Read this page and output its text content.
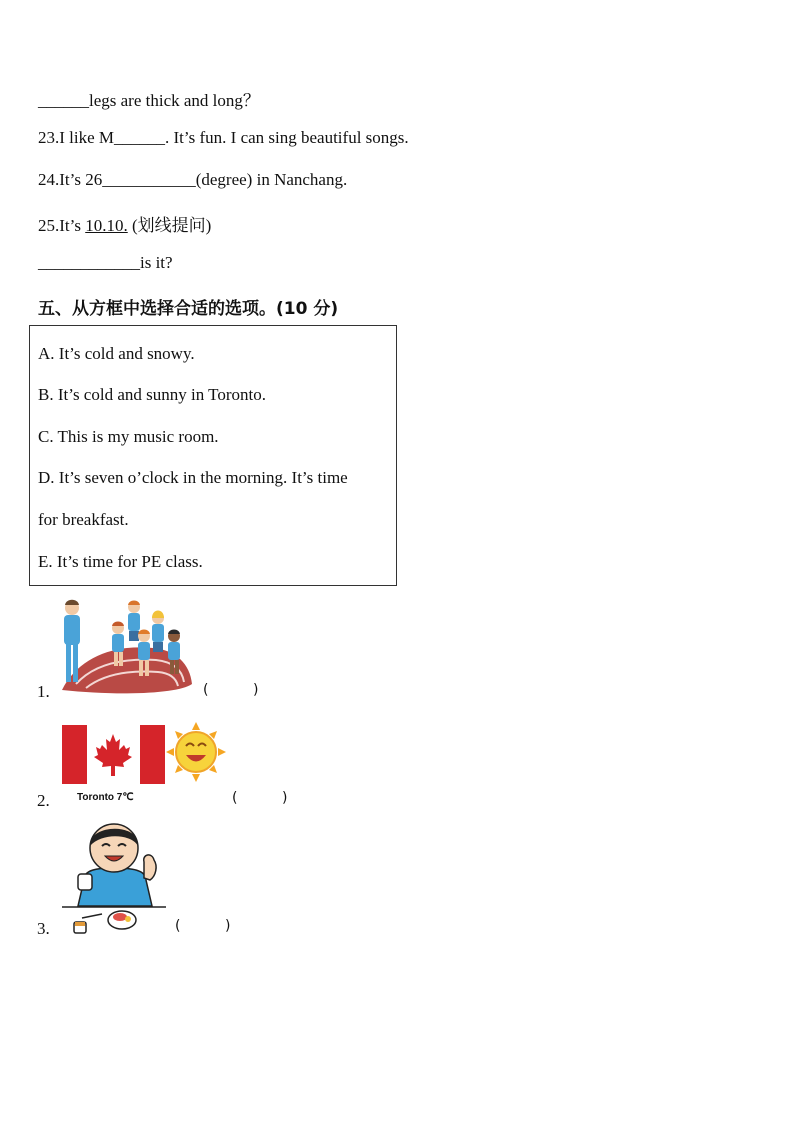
______legs are thick and long？
23.I like M______. It’s fun. I can sing beautiful songs.
24.It’s 26___________(degree) in Nanchang.
25.It’s 10.10. (划线提问)
____________is it?
五、从方框中选择合适的选项。(10 分)
A. It’s cold and snowy.
B. It’s cold and sunny in Toronto.
C. This is my music room.
D. It’s seven o’clock in the morning. It’s time
for breakfast.
E. It’s time for PE class.
1.	(          )
Toronto 7℃
2.	(          )
3.	(          )
